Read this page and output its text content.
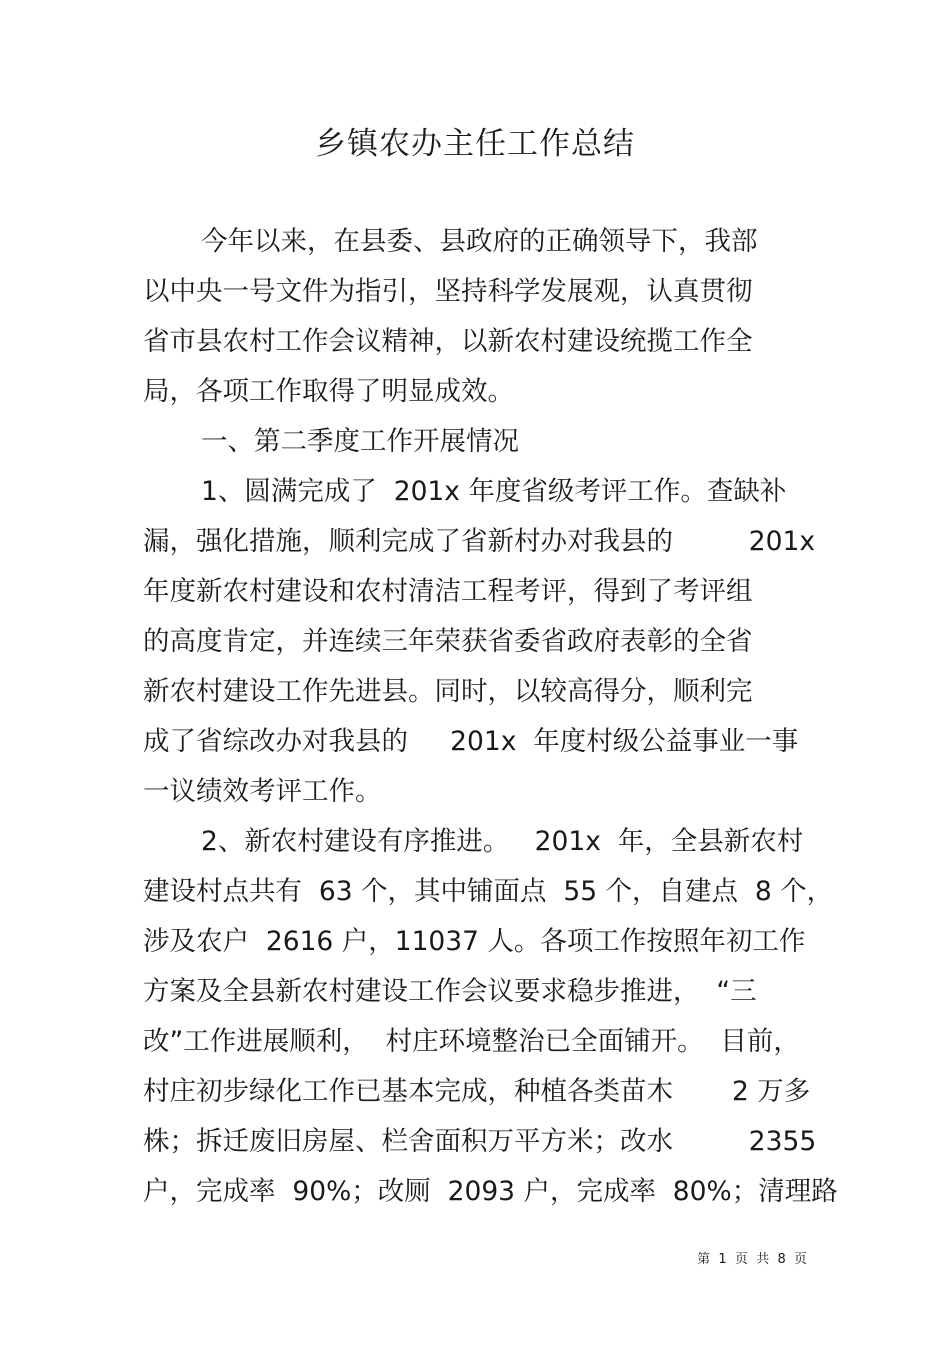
乡镇农办主任工作总结
今年以来，在县委、县政府的正确领导下，我部
以中央一号文件为指引，坚持科学发展观，认真贯彻
省市县农村工作会议精神，以新农村建设统揽工作全
局，各项工作取得了明显成效。
一、第二季度工作开展情况
1、圆满完成了  201x 年度省级考评工作。查缺补
漏，强化措施，顺利完成了省新村办对我县的         201x
年度新农村建设和农村清洁工程考评，得到了考评组
的高度肯定，并连续三年荣获省委省政府表彰的全省
新农村建设工作先进县。同时，以较高得分，顺利完
成了省综改办对我县的     201x  年度村级公益事业一事
一议绩效考评工作。
2、新农村建设有序推进。   201x  年，全县新农村
建设村点共有  63 个，其中铺面点  55 个，自建点  8 个，
涉及农户  2616 户，11037 人。各项工作按照年初工作
方案及全县新农村建设工作会议要求稳步推进，  “三
改”工作进展顺利，  村庄环境整治已全面铺开。  目前，
村庄初步绿化工作已基本完成，种植各类苗木       2 万多
株；拆迁废旧房屋、栏舍面积万平方米；改水         2355
户，完成率  90%；改厕  2093 户，完成率  80%；清理路
第  1  页  共  8  页
